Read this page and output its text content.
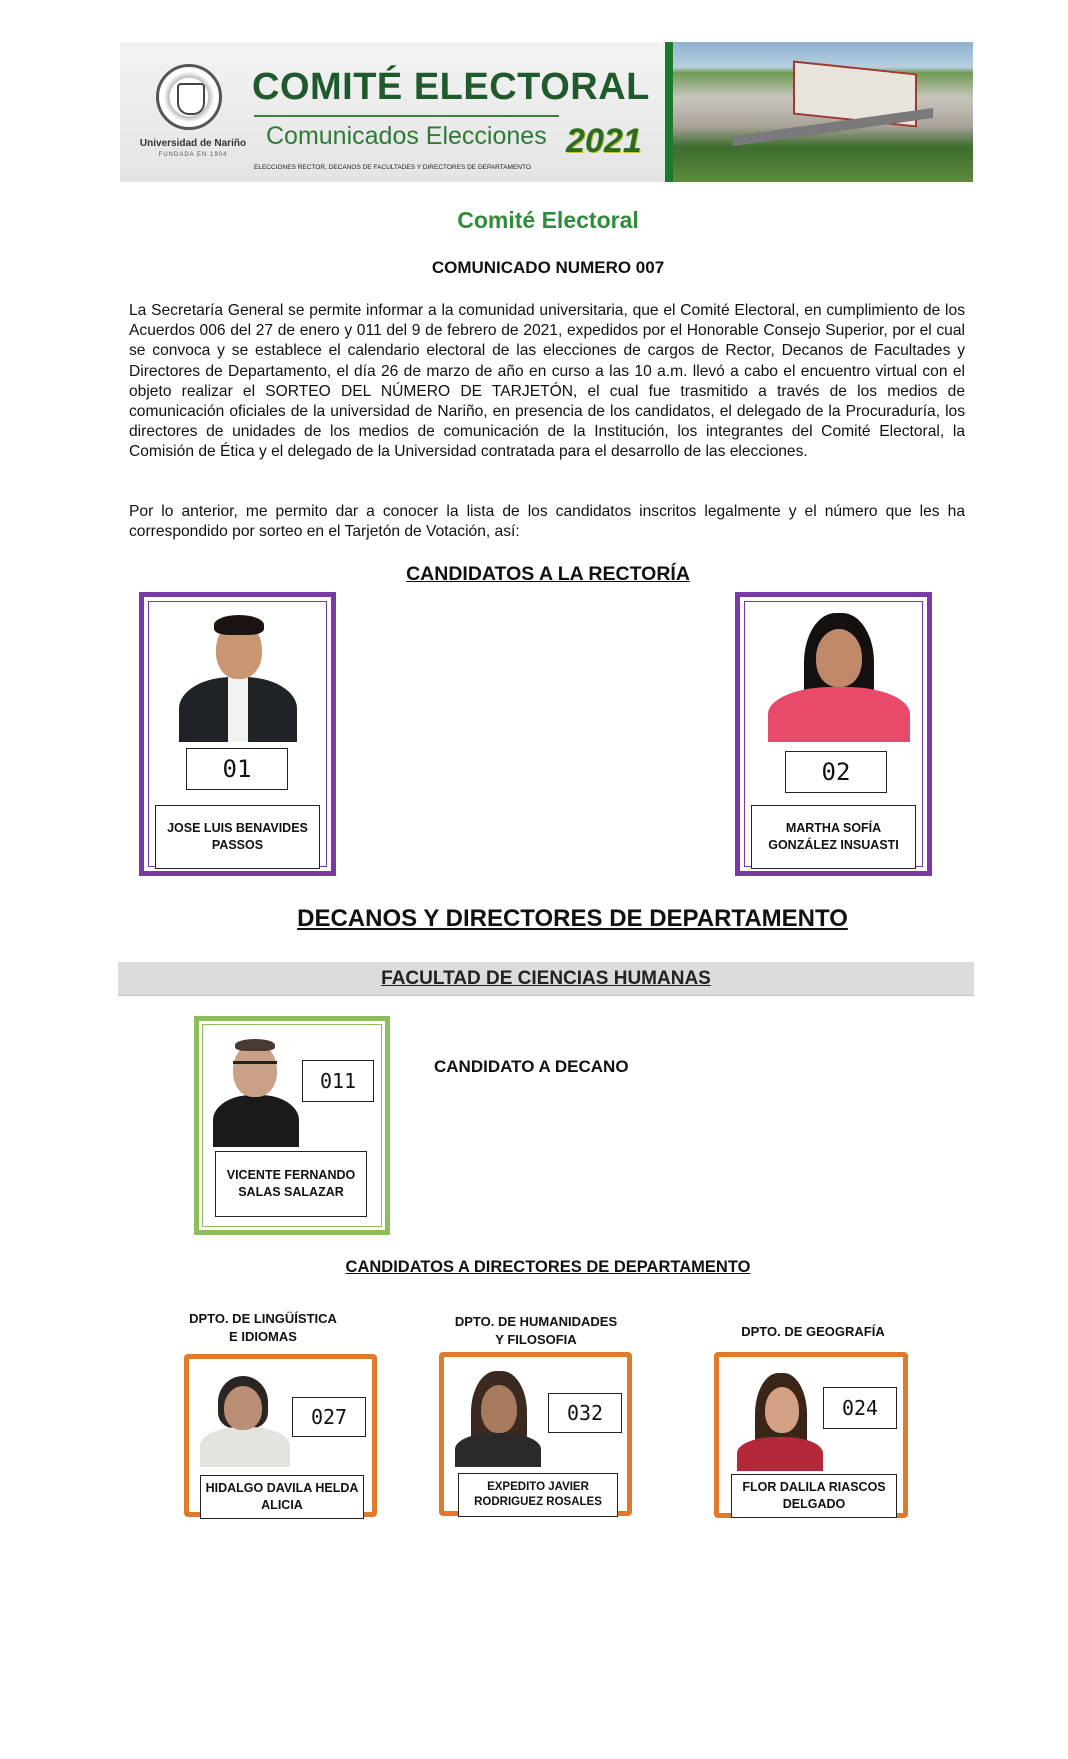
Universidad de Nariño
FUNDADA EN 1904
COMITÉ ELECTORAL
Comunicados Elecciones 2021
ELECCIONES RECTOR, DECANOS DE FACULTADES Y DIRECTORES DE DEPARTAMENTO
Comité Electoral
COMUNICADO NUMERO 007
La Secretaría General se permite informar a la comunidad universitaria, que el Comité Electoral, en cumplimiento de los Acuerdos 006 del 27 de enero y 011 del 9 de febrero de 2021, expedidos por el Honorable Consejo Superior, por el cual se convoca y se establece el calendario electoral de las elecciones de cargos de Rector, Decanos de Facultades y Directores de Departamento, el día 26 de marzo de año en curso a las 10 a.m. llevó a cabo el encuentro virtual con el objeto realizar el SORTEO DEL NÚMERO DE TARJETÓN, el cual fue trasmitido a través de los medios de comunicación oficiales de la universidad de Nariño, en presencia de los candidatos, el delegado de la Procuraduría, los directores de unidades de los medios de comunicación de la Institución, los integrantes del Comité Electoral, la Comisión de Ética y el delegado de la Universidad contratada para el desarrollo de las elecciones.
Por lo anterior, me permito dar a conocer la lista de los candidatos inscritos legalmente y el número que les ha correspondido por sorteo en el Tarjetón de Votación, así:
CANDIDATOS A LA RECTORÍA
01
JOSE LUIS BENAVIDES PASSOS
02
MARTHA SOFÍA GONZÁLEZ INSUASTI
DECANOS Y DIRECTORES DE DEPARTAMENTO
FACULTAD DE CIENCIAS HUMANAS
011
VICENTE FERNANDO SALAS SALAZAR
CANDIDATO A DECANO
CANDIDATOS A DIRECTORES DE DEPARTAMENTO
DPTO. DE LINGÜÍSTICA
E IDIOMAS
027
HIDALGO DAVILA HELDA ALICIA
DPTO. DE HUMANIDADES
Y FILOSOFIA
032
EXPEDITO JAVIER RODRIGUEZ ROSALES
DPTO. DE GEOGRAFÍA
024
FLOR DALILA RIASCOS DELGADO
